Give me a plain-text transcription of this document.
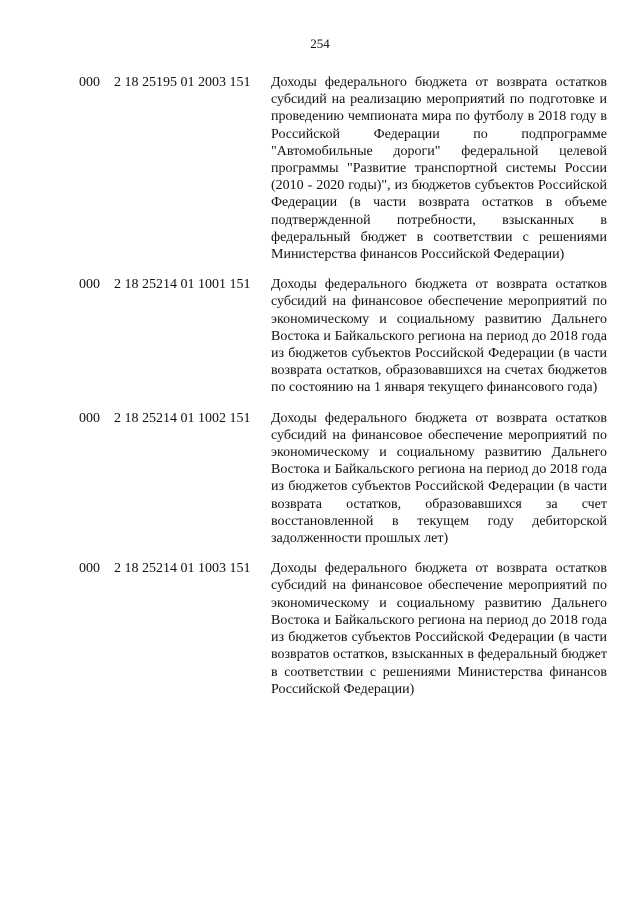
254
000 2 18 25195 01 2003 151 Доходы федерального бюджета от возврата остатков субсидий на реализацию мероприятий по подготовке и проведению чемпионата мира по футболу в 2018 году в Российской Федерации по подпрограмме "Автомобильные дороги" федеральной целевой программы "Развитие транспортной системы России (2010 - 2020 годы)", из бюджетов субъектов Российской Федерации (в части возврата остатков в объеме подтвержденной потребности, взысканных в федеральный бюджет в соответствии с решениями Министерства финансов Российской Федерации)
000 2 18 25214 01 1001 151 Доходы федерального бюджета от возврата остатков субсидий на финансовое обеспечение мероприятий по экономическому и социальному развитию Дальнего Востока и Байкальского региона на период до 2018 года из бюджетов субъектов Российской Федерации (в части возврата остатков, образовавшихся на счетах бюджетов по состоянию на 1 января текущего финансового года)
000 2 18 25214 01 1002 151 Доходы федерального бюджета от возврата остатков субсидий на финансовое обеспечение мероприятий по экономическому и социальному развитию Дальнего Востока и Байкальского региона на период до 2018 года из бюджетов субъектов Российской Федерации (в части возврата остатков, образовавшихся за счет восстановленной в текущем году дебиторской задолженности прошлых лет)
000 2 18 25214 01 1003 151 Доходы федерального бюджета от возврата остатков субсидий на финансовое обеспечение мероприятий по экономическому и социальному развитию Дальнего Востока и Байкальского региона на период до 2018 года из бюджетов субъектов Российской Федерации (в части возвратов остатков, взысканных в федеральный бюджет в соответствии с решениями Министерства финансов Российской Федерации)
